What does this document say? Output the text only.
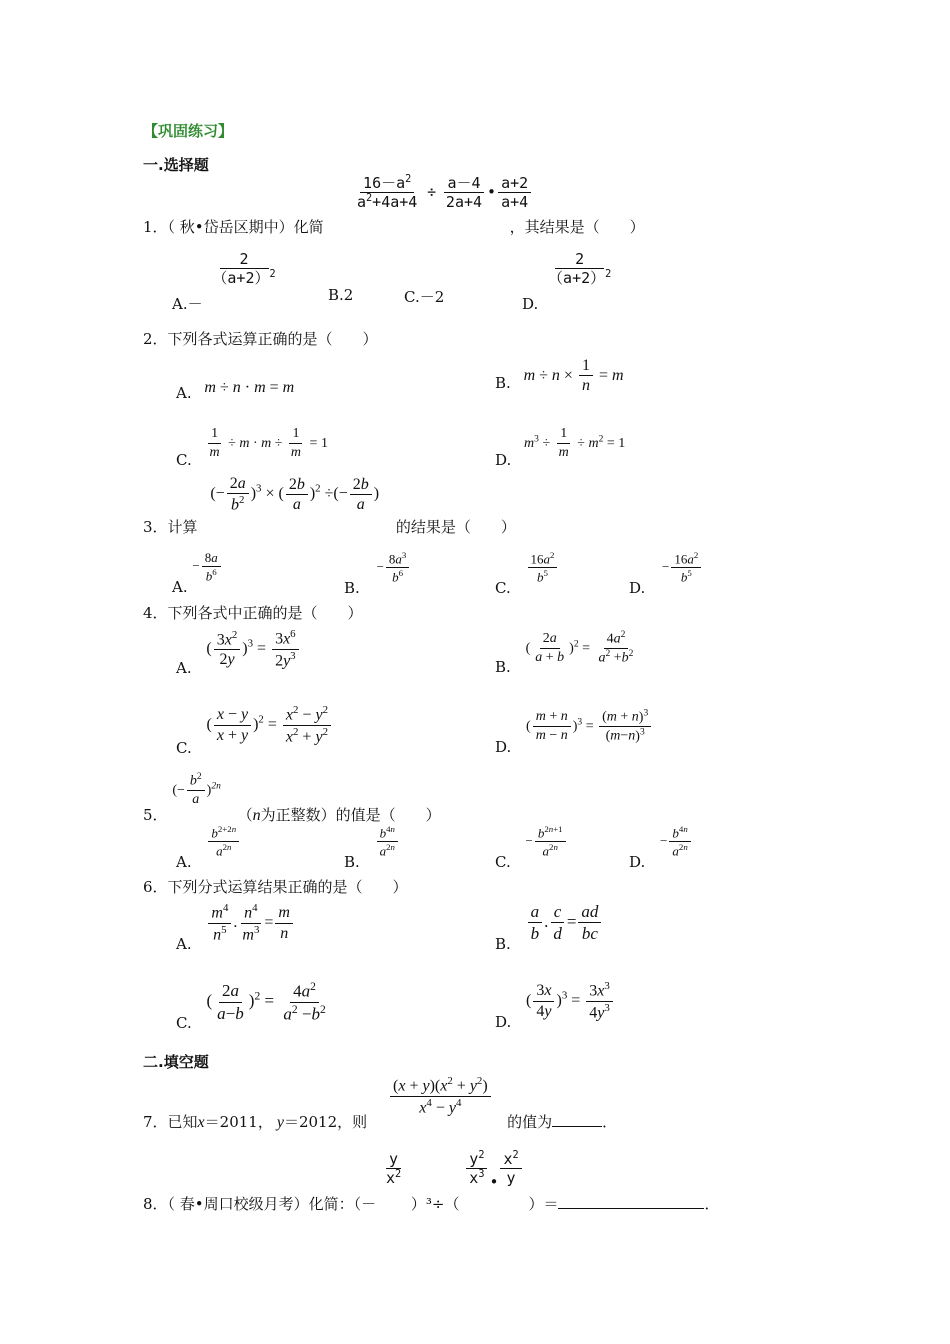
【巩固练习】
一.选择题
$\frac{16-a^2}{a^2+4a+4} \div \frac{a-4}{2a+4}$ • $\frac{a+2}{a+4}$
1．（ 秋•岱岳区期中）化简	，其结果是（　　）
A.－
$\frac{2}{(a+2)^2}$
B.2	C.－2	D.
$\frac{2}{(a+2)^2}$
2．下列各式运算正确的是（　　）
A. m ÷ n · m = m	B. $m \div n \times \frac{1}{n} = m$
C. $\frac{1}{m} \div m \cdot m \div \frac{1}{m} = 1$
D. $m^3 \div \frac{1}{m} \div m^2 = 1$
3．计算 (− $\frac{2a}{b^2} )^3$ × ( $\frac{2b}{a} )^2$ ÷(− $\frac{2b}{a}$ ) 的结果是（　　）
A. − $\frac{8a}{b^6}$
B. − $\frac{8a^3}{b^6}$
C.
$\frac{16a^2}{b^5}$
D. − $\frac{16a^2}{b^5}$
4．下列各式中正确的是（　　）
A. ( $\frac{3x^2}{2y} )^3 = \frac{3x^6}{2y^3}$	B. ( $\frac{2a}{a + b} )^2 = \frac{4a^2}{a^2 +b^2}$
C. ( $\frac{x - y}{x + y} )^2 = \frac{x^2 - y^2}{x^2 + y^2}$
D. ( $\frac{m + n}{m - n} )^3 = \frac{(m + n)^3}{(m-n)^3}$
5． (− $\frac{b^2}{a} )^{2n}$ （n为正整数）的值是（　　）
A.
$\frac{b^{2+2n}}{a^{2n}}$
B.
$\frac{b^{4n}}{a^{2n}}$
C. − $\frac{b^{2n+1}}{a^{2n}}$
D. − $\frac{b^{4n}}{a^{2n}}$
6．下列分式运算结果正确的是（　　）
A. $\frac{m^4}{n^5}$ . $\frac{n^4}{m^3} = \frac{m}{n}$
B. $\frac{a}{b}$ . $\frac{c}{d} = \frac{ad}{bc}$
C. ( $\frac{2a}{a-b} )^2 = \frac{4a^2}{a^2 -b^2}$	D. ( $\frac{3x}{4y} )^3 = \frac{3x^3}{4y^3}$
二.填空题
$\frac{(x + y)(x^2 + y^2)}{x^4 - y^4}$
7．已知x＝2011， y＝2012，则	的值为	．
8．（ 春•周口校级月考）化简：（－
$\frac{y}{x^2}$
）³÷（
$\frac{y^2}{x^3}$ • $\frac{x^2}{y}$
）＝	．
